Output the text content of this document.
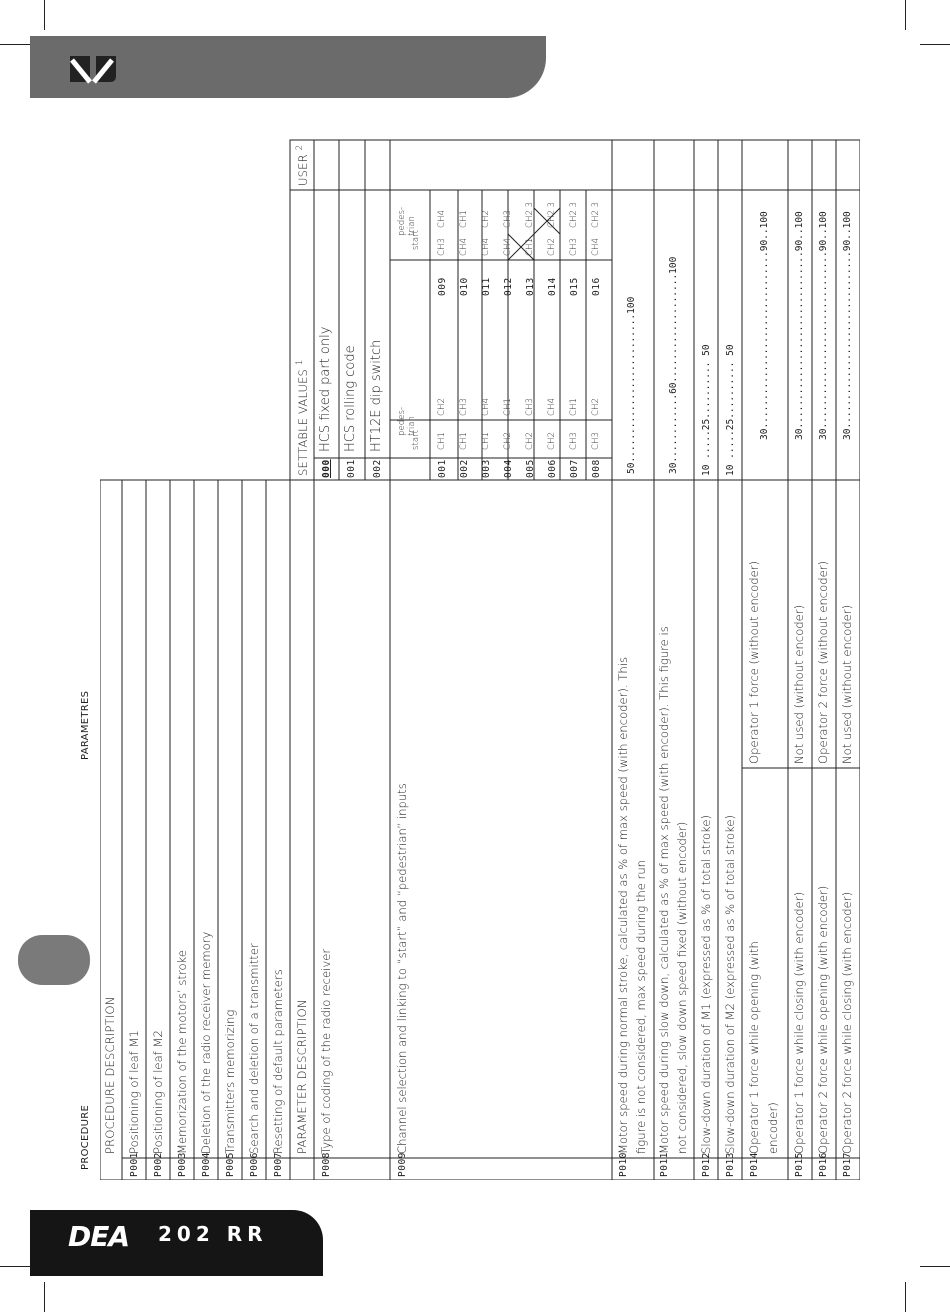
DEA 202 RR
PROCEDURE DESCRIPTION
P001
Positioning of leaf M1
P002
Positioning of leaf M2
P003
Memorization of the motors’ stroke
P004
Deletion of the radio receiver memory
P005
Transmitters memorizing
P006
Search and deletion of a transmitter
P007
Resetting of default parameters
PROCEDURE	PARAMETER DESCRIPTION
SETTABLE VALUES $^1$
USER $^2$
P008
Type of coding of the radio receiver
000
HCS fixed part only
001
HCS rolling code
002
HT12E dip switch
P009
Channel selection and linking to “start” and “pedestrian” inputs
start
pedes- trian
start
pedes- trian
001
CH1
CH2
009
CH3
CH4
002
CH1
CH3
010
CH4
CH1
003
CH1
CH4
011
CH4
CH2
004
CH2
CH1
012
CH4
CH3
005
CH2
CH3
013
CH1
CH2 3
006
CH2
CH4
014
CH2
CH2 3
007
CH3
CH1
015
CH3
CH2 3
008
CH3
CH2
016
CH4
CH2 3
P010
Motor speed during normal stroke, calculated as % of max speed (with encoder). This figure is not considered, max speed during the run
50..........................100
P011
Motor speed during slow down, calculated as % of max speed (with encoder). This figure is not considered, slow down speed fixed (without encoder)
30............60...................100
P012
Slow-down duration of M1 (expressed as % of total stroke)
10 .....25.......... 50
P013
Slow-down duration of M2 (expressed as % of total stroke)
10 .....25.......... 50
P014
Operator 1 force while opening (with encoder)
Operator 1 force (without encoder)
30...............................90..100
P015
Operator 1 force while closing (with encoder)
Not used (without encoder)
30...............................90..100
P016
Operator 2 force while opening (with encoder)
Operator 2 force (without encoder)
30...............................90..100
P017
Operator 2 force while closing (with encoder)
Not used (without encoder)
30...............................90..100
PARAMETRES
